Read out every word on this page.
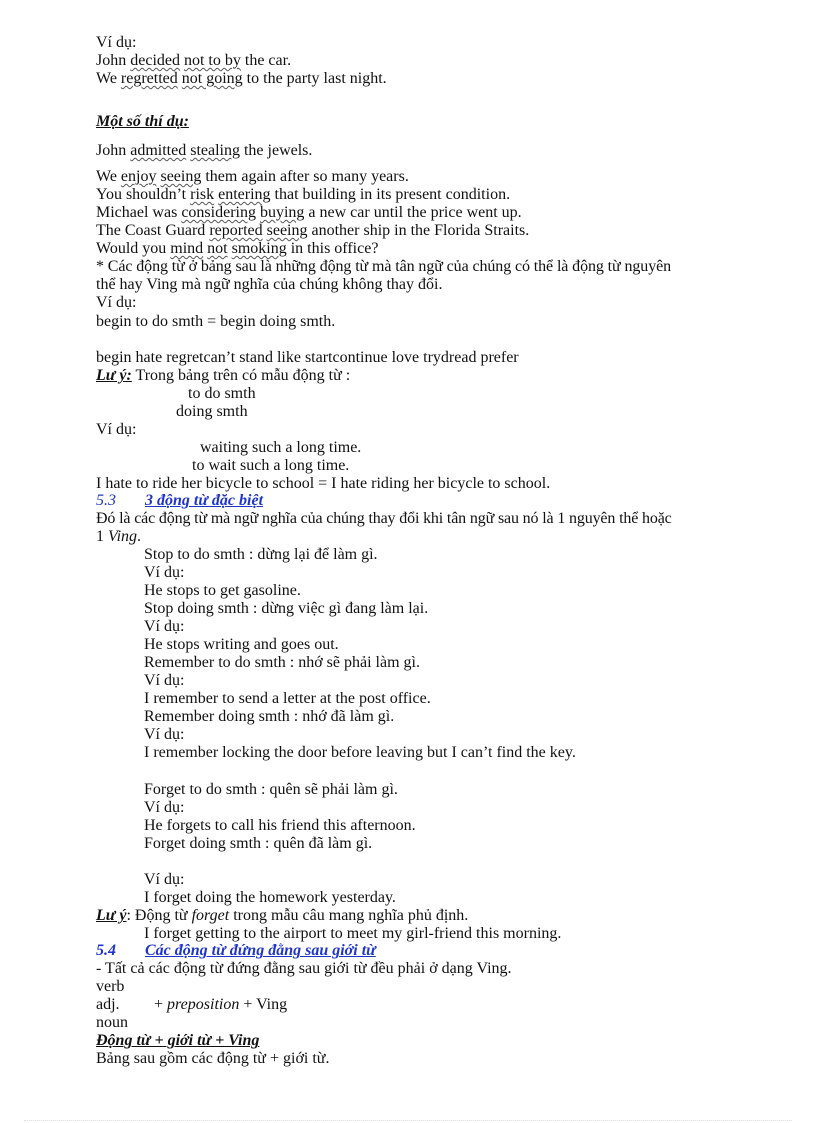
Ví dụ:
John decided not to by the car.
We regretted not going to the party last night.
Một số thí dụ:
John admitted stealing the jewels.
We enjoy seeing them again after so many years.
You shouldn’t risk entering that building in its present condition.
Michael was considering buying a new car until the price went up.
The Coast Guard reported seeing another ship in the Florida Straits.
Would you mind not smoking in this office?
* Các động từ ở bảng sau là những động từ mà tân ngữ của chúng có thể là động từ nguyên
thể hay Ving mà ngữ nghĩa của chúng không thay đổi.
Ví dụ:
begin to do smth = begin doing smth.
begin hate regretcan’t stand like startcontinue love trydread prefer
Lư ý: Trong bảng trên có mẫu động từ :
to do smth
doing smth
Ví dụ:
waiting such a long time.
to wait such a long time.
I hate to ride her bicycle to school = I hate riding her bicycle to school.
5.3 3 động từ đặc biệt
Đó là các động từ mà ngữ nghĩa của chúng thay đổi khi tân ngữ sau nó là 1 nguyên thể hoặc
1 Ving.
Stop to do smth : dừng lại để làm gì.
Ví dụ:
He stops to get gasoline.
Stop doing smth : dừng việc gì đang làm lại.
Ví dụ:
He stops writing and goes out.
Remember to do smth : nhớ sẽ phải làm gì.
Ví dụ:
I remember to send a letter at the post office.
Remember doing smth : nhớ đã làm gì.
Ví dụ:
I remember locking the door before leaving but I can’t find the key.
Forget to do smth : quên sẽ phải làm gì.
Ví dụ:
He forgets to call his friend this afternoon.
Forget doing smth : quên đã làm gì.
Ví dụ:
I forget doing the homework yesterday.
Lư ý: Động từ forget trong mẫu câu mang nghĩa phủ định.
I forget getting to the airport to meet my girl-friend this morning.
5.4 Các động từ đứng đằng sau giới từ
- Tất cả các động từ đứng đằng sau giới từ đều phải ở dạng Ving.
verb
adj. + preposition + Ving
noun
Động từ + giới từ + Ving
Bảng sau gồm các động từ + giới từ.
